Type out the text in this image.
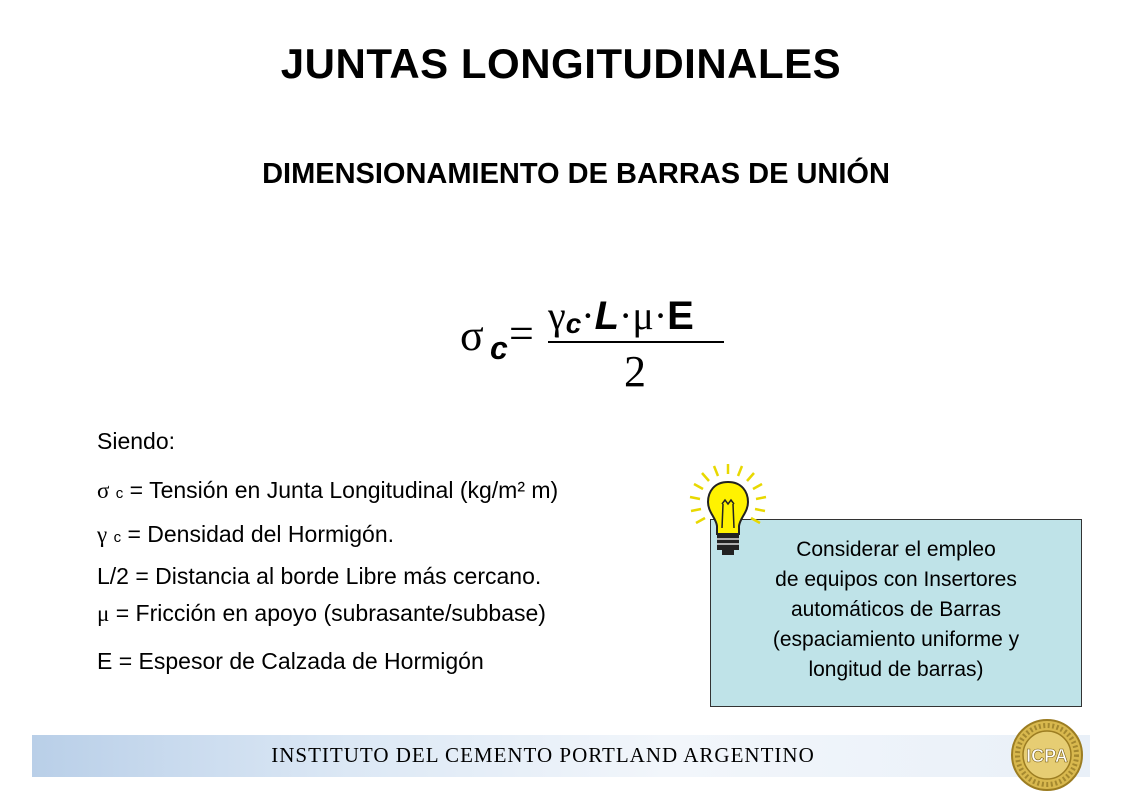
JUNTAS LONGITUDINALES
DIMENSIONAMIENTO DE BARRAS DE UNIÓN
σ c = γc·L·μ·E
2
Siendo:
σ c = Tensión en Junta Longitudinal (kg/m² m)
γ c = Densidad del Hormigón.
L/2 = Distancia al borde Libre más cercano.
μ = Fricción en apoyo (subrasante/subbase)
E = Espesor de Calzada de Hormigón
Considerar el empleo
de equipos con Insertores
automáticos de Barras
(espaciamiento uniforme y
longitud de barras)
INSTITUTO DEL CEMENTO PORTLAND ARGENTINO	ICPA
